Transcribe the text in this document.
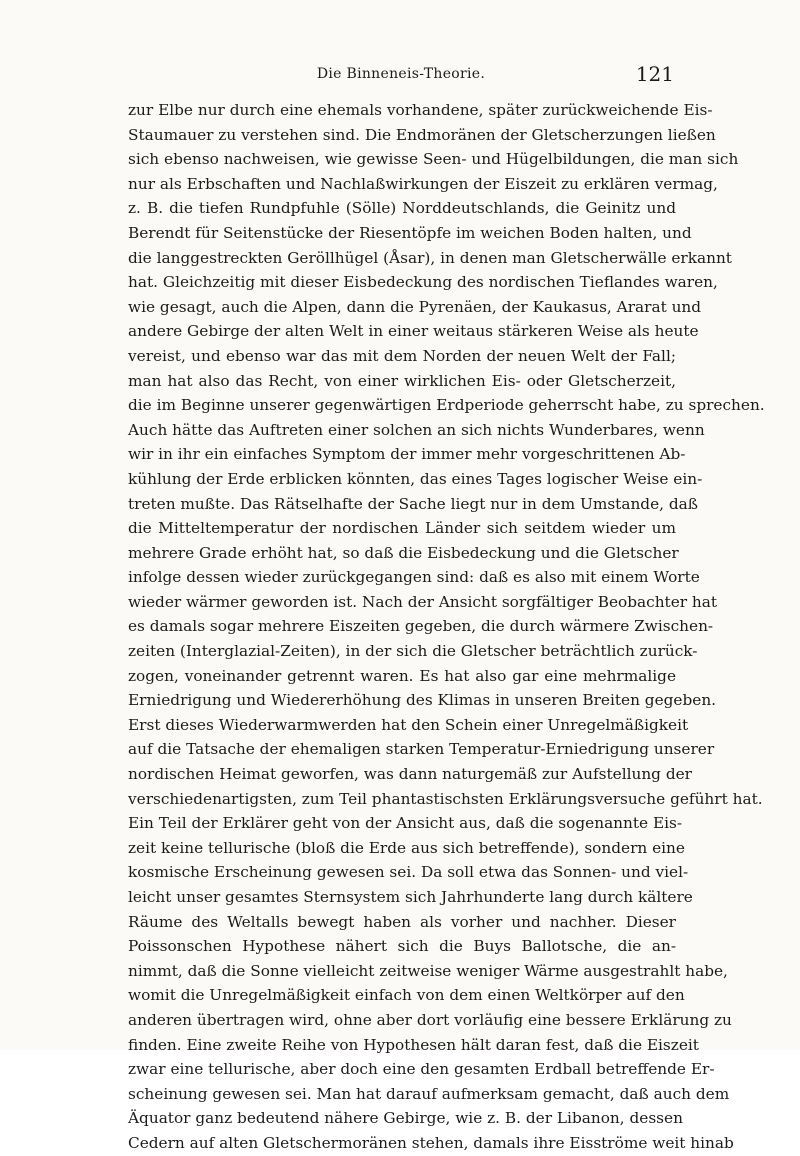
Die Binneneis-Theorie.	121
zur Elbe nur durch eine ehemals vorhandene, später zurückweichende Eis-
Staumauer zu verstehen sind. Die Endmoränen der Gletscherzungen ließen
sich ebenso nachweisen, wie gewisse Seen- und Hügelbildungen, die man sich
nur als Erbschaften und Nachlaßwirkungen der Eiszeit zu erklären vermag,
z. B. die tiefen Rundpfuhle (Sölle) Norddeutschlands, die Geinitz und
Berendt für Seitenstücke der Riesentöpfe im weichen Boden halten, und
die langgestreckten Geröllhügel (Åsar), in denen man Gletscherwälle erkannt
hat. Gleichzeitig mit dieser Eisbedeckung des nordischen Tieflandes waren,
wie gesagt, auch die Alpen, dann die Pyrenäen, der Kaukasus, Ararat und
andere Gebirge der alten Welt in einer weitaus stärkeren Weise als heute
vereist, und ebenso war das mit dem Norden der neuen Welt der Fall;
man hat also das Recht, von einer wirklichen Eis- oder Gletscherzeit,
die im Beginne unserer gegenwärtigen Erdperiode geherrscht habe, zu sprechen.
Auch hätte das Auftreten einer solchen an sich nichts Wunderbares, wenn
wir in ihr ein einfaches Symptom der immer mehr vorgeschrittenen Ab-
kühlung der Erde erblicken könnten, das eines Tages logischer Weise ein-
treten mußte. Das Rätselhafte der Sache liegt nur in dem Umstande, daß
die Mitteltemperatur der nordischen Länder sich seitdem wieder um
mehrere Grade erhöht hat, so daß die Eisbedeckung und die Gletscher
infolge dessen wieder zurückgegangen sind: daß es also mit einem Worte
wieder wärmer geworden ist. Nach der Ansicht sorgfältiger Beobachter hat
es damals sogar mehrere Eiszeiten gegeben, die durch wärmere Zwischen-
zeiten (Interglazial-Zeiten), in der sich die Gletscher beträchtlich zurück-
zogen, voneinander getrennt waren. Es hat also gar eine mehrmalige
Erniedrigung und Wiedererhöhung des Klimas in unseren Breiten gegeben.
Erst dieses Wiederwarmwerden hat den Schein einer Unregelmäßigkeit
auf die Tatsache der ehemaligen starken Temperatur-Erniedrigung unserer
nordischen Heimat geworfen, was dann naturgemäß zur Aufstellung der
verschiedenartigsten, zum Teil phantastischsten Erklärungsversuche geführt hat.
Ein Teil der Erklärer geht von der Ansicht aus, daß die sogenannte Eis-
zeit keine tellurische (bloß die Erde aus sich betreffende), sondern eine
kosmische Erscheinung gewesen sei. Da soll etwa das Sonnen- und viel-
leicht unser gesamtes Sternsystem sich Jahrhunderte lang durch kältere
Räume des Weltalls bewegt haben als vorher und nachher. Dieser
Poissonschen Hypothese nähert sich die Buys Ballotsche, die an-
nimmt, daß die Sonne vielleicht zeitweise weniger Wärme ausgestrahlt habe,
womit die Unregelmäßigkeit einfach von dem einen Weltkörper auf den
anderen übertragen wird, ohne aber dort vorläufig eine bessere Erklärung zu
finden. Eine zweite Reihe von Hypothesen hält daran fest, daß die Eiszeit
zwar eine tellurische, aber doch eine den gesamten Erdball betreffende Er-
scheinung gewesen sei. Man hat darauf aufmerksam gemacht, daß auch dem
Äquator ganz bedeutend nähere Gebirge, wie z. B. der Libanon, dessen
Cedern auf alten Gletschermoränen stehen, damals ihre Eisströme weit hinab
